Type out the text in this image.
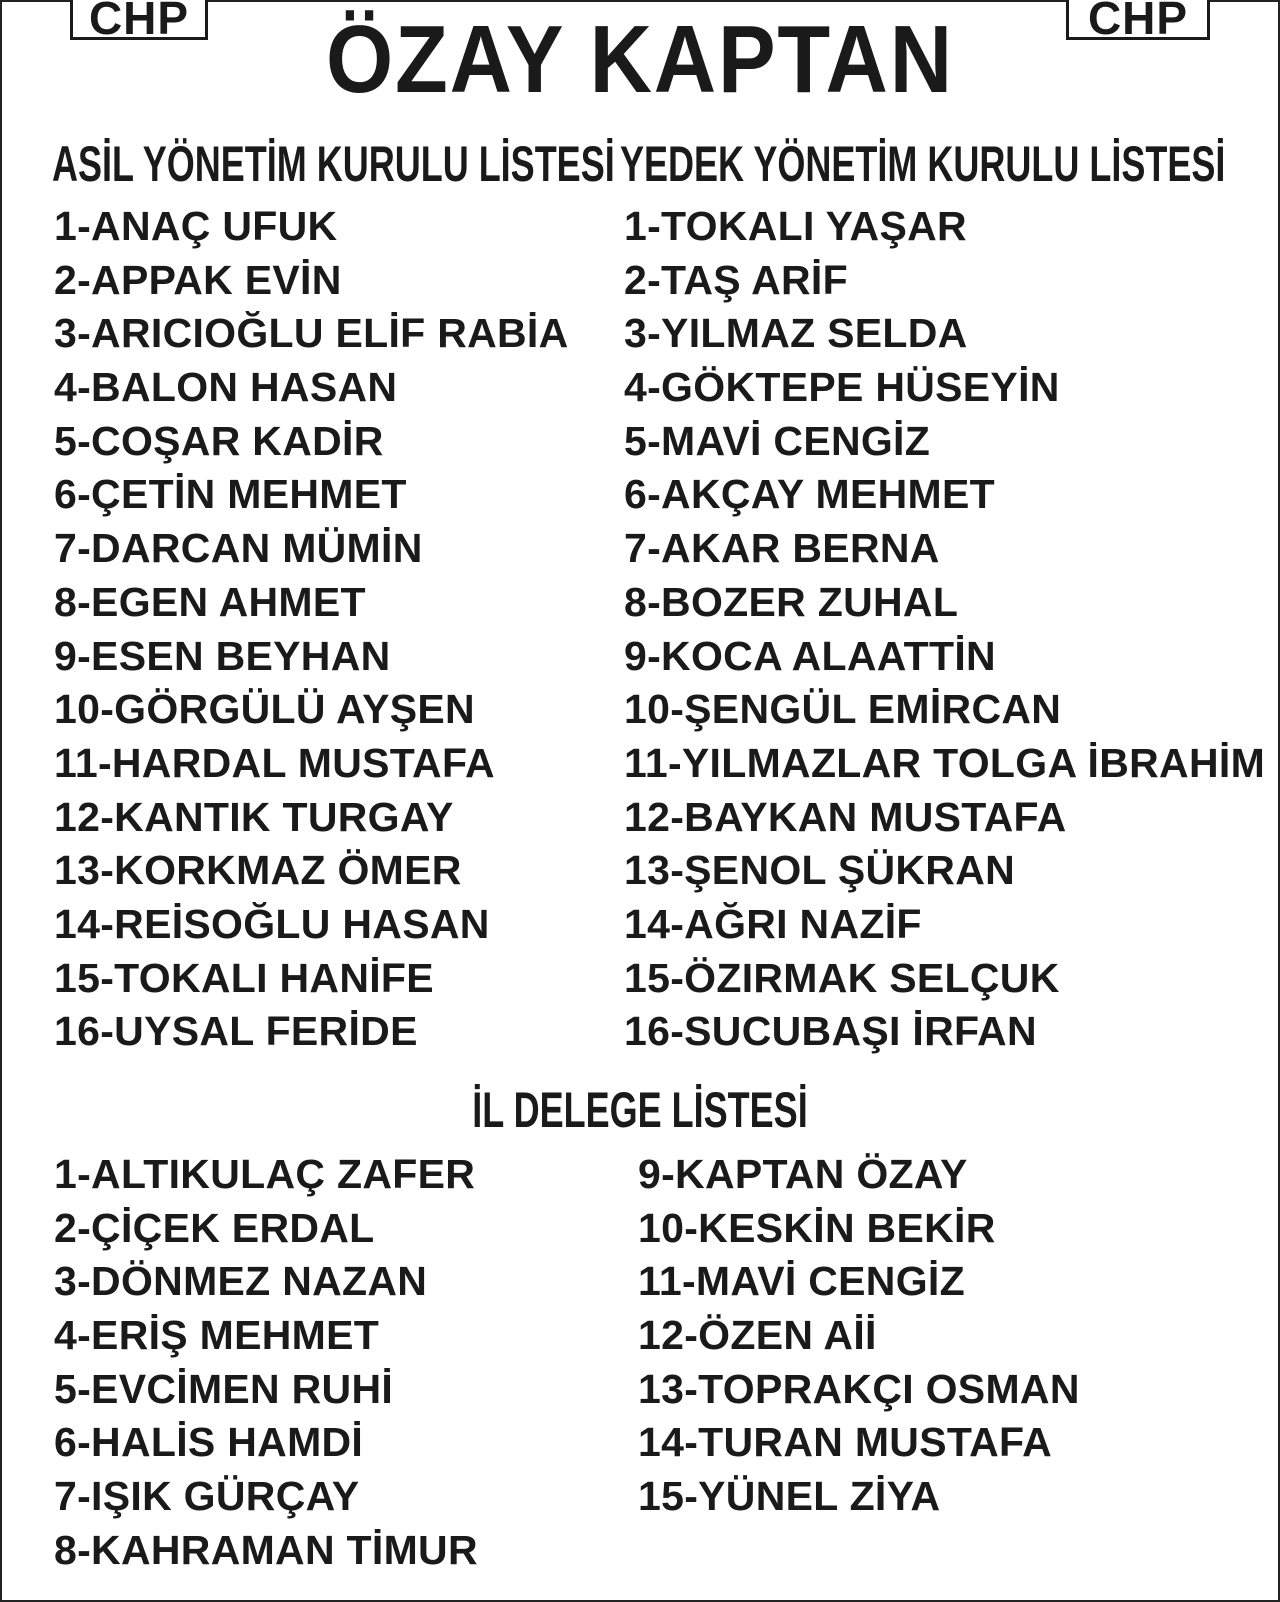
CHP	CHP
ÖZAY KAPTAN
ASİL YÖNETİM KURULU LİSTESİ YEDEK YÖNETİM KURULU LİSTESİ
1-ANAÇ UFUK
2-APPAK EVİN
3-ARICIOĞLU ELİF RABİA
4-BALON HASAN
5-COŞAR KADİR
6-ÇETİN MEHMET
7-DARCAN MÜMİN
8-EGEN AHMET
9-ESEN BEYHAN
10-GÖRGÜLÜ AYŞEN
11-HARDAL MUSTAFA
12-KANTIK TURGAY
13-KORKMAZ ÖMER
14-REİSOĞLU HASAN
15-TOKALI HANİFE
16-UYSAL FERİDE
1-TOKALI YAŞAR
2-TAŞ ARİF
3-YILMAZ SELDA
4-GÖKTEPE HÜSEYİN
5-MAVİ CENGİZ
6-AKÇAY MEHMET
7-AKAR BERNA
8-BOZER ZUHAL
9-KOCA ALAATTİN
10-ŞENGÜL EMİRCAN
11-YILMAZLAR TOLGA İBRAHİM
12-BAYKAN MUSTAFA
13-ŞENOL ŞÜKRAN
14-AĞRI NAZİF
15-ÖZIRMAK SELÇUK
16-SUCUBAŞI İRFAN
İL DELEGE LİSTESİ
1-ALTIKULAÇ ZAFER
2-ÇİÇEK ERDAL
3-DÖNMEZ NAZAN
4-ERİŞ MEHMET
5-EVCİMEN RUHİ
6-HALİS HAMDİ
7-IŞIK GÜRÇAY
8-KAHRAMAN TİMUR
9-KAPTAN ÖZAY
10-KESKİN BEKİR
11-MAVİ CENGİZ
12-ÖZEN Aİİ
13-TOPRAKÇI OSMAN
14-TURAN MUSTAFA
15-YÜNEL ZİYA
